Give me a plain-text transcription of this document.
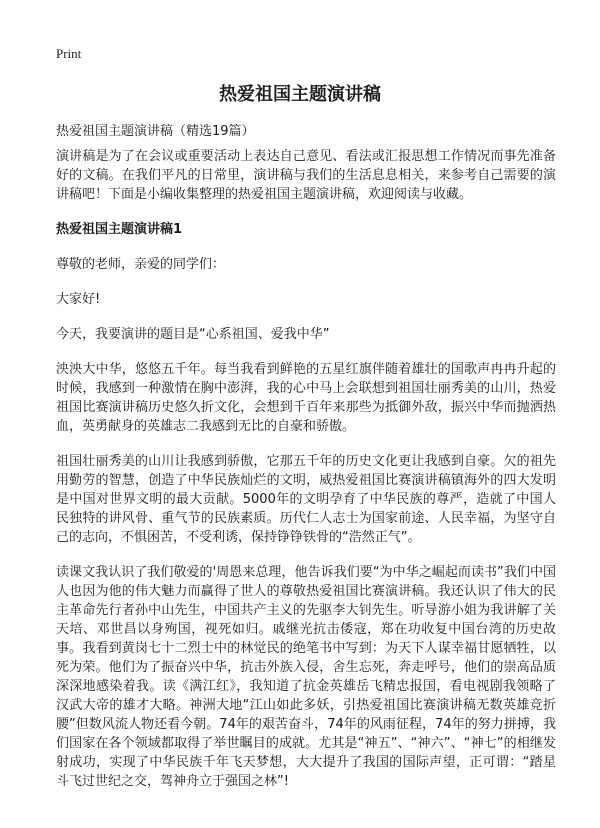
Print
热爱祖国主题演讲稿
热爱祖国主题演讲稿（精选19篇）

演讲稿是为了在会议或重要活动上表达自己意见、看法或汇报思想工作情况而事先准备好的文稿。在我们平凡的日常里，演讲稿与我们的生活息息相关，来参考自己需要的演讲稿吧！下面是小编收集整理的热爱祖国主题演讲稿，欢迎阅读与收藏。

热爱祖国主题演讲稿1

尊敬的老师，亲爱的同学们：

大家好!

今天，我要演讲的题目是“心系祖国、爱我中华”

泱泱大中华，悠悠五千年。每当我看到鲜艳的五星红旗伴随着雄壮的国歌声冉冉升起的时候，我感到一种激情在胸中澎湃，我的心中马上会联想到祖国壮丽秀美的山川，热爱祖国比赛演讲稿历史悠久折文化，会想到千百年来那些为抵御外敌，振兴中华而抛洒热血，英勇献身的英雄志二我感到无比的自豪和骄傲。

祖国壮丽秀美的山川让我感到骄傲，它那五千年的历史文化更让我感到自豪。欠的祖先用勤劳的智慧，创造了中华民族灿烂的文明，威热爱祖国比赛演讲稿镇海外的四大发明是中国对世界文明的最大贡献。5000年的文明孕育了中华民族的尊严，造就了中国人民独特的讲风骨、重气节的民族素质。历代仁人志士为国家前途、人民幸福，为坚守自己的志向，不惧困苦，不受利诱，保持铮铮铁骨的“浩然正气”。

读课文我认识了我们敬爱的'周恩来总理，他告诉我们要“为中华之崛起而读书”我们中国人也因为他的伟大魅力而赢得了世人的尊敬热爱祖国比赛演讲稿。我还认识了伟大的民主革命先行者孙中山先生，中国共产主义的先驱李大钊先生。听导游小姐为我讲解了关天培、邓世昌以身殉国，视死如归。戚继光抗击倭寇，郑在功收复中国台湾的历史故事。我看到黄岗七十二烈士中的林觉民的绝笔书中写到：为天下人谋幸福甘愿牺牲，以死为荣。他们为了振奋兴中华，抗击外族入侵，舍生忘死，奔走呼号，他们的崇高品质深深地感染着我。读《满江红》，我知道了抗金英雄岳飞精忠报国，看电视剧我领略了汉武大帝的雄才大略。神洲大地“江山如此多妖，引热爱祖国比赛演讲稿无数英雄竞折腰”但数风流人物还看今朝。74年的艰苦奋斗，74年的风雨征程，74年的努力拼搏，我们国家在各个领域都取得了举世瞩目的成就。尤其是“神五”、“神六”、“神七”的相继发射成功，实现了中华民族千年飞天梦想，大大提升了我国的国际声望，正可谓：“踏星斗飞过世纪之交，驾神舟立于强国之林”!
